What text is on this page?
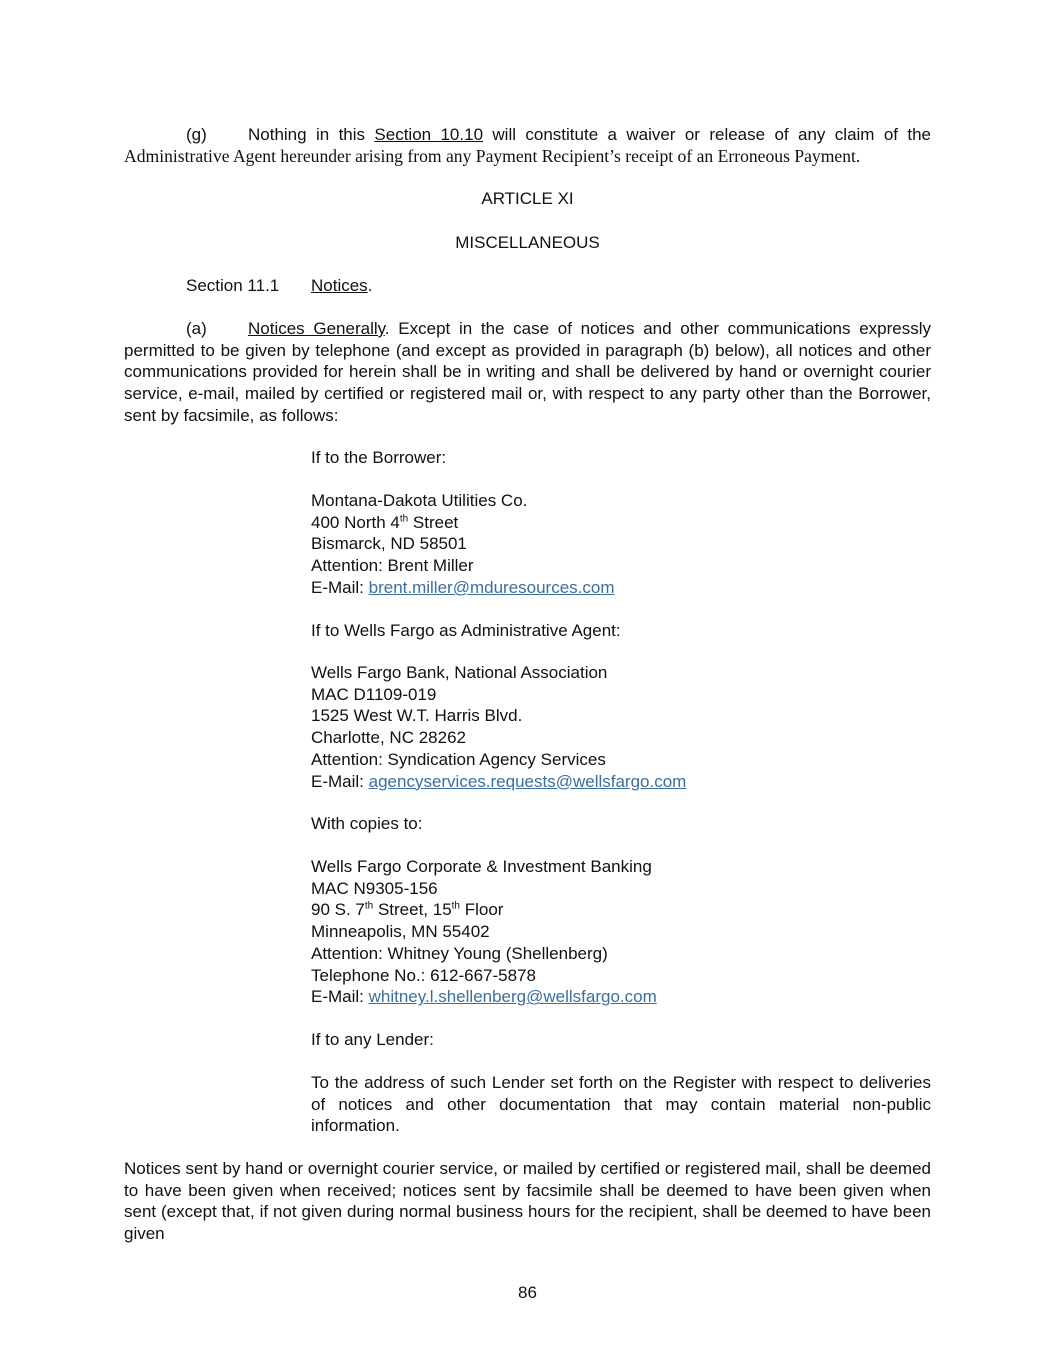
(g) Nothing in this Section 10.10 will constitute a waiver or release of any claim of the
Administrative Agent hereunder arising from any Payment Recipient’s receipt of an Erroneous Payment.
ARTICLE XI
MISCELLANEOUS
Section 11.1 Notices.
(a) Notices Generally. Except in the case of notices and other communications expressly permitted to be given by telephone (and except as provided in paragraph (b) below), all notices and other communications provided for herein shall be in writing and shall be delivered by hand or overnight courier service, e-mail, mailed by certified or registered mail or, with respect to any party other than the Borrower, sent by facsimile, as follows:
If to the Borrower:
Montana-Dakota Utilities Co.
400 North 4th Street
Bismarck, ND 58501
Attention: Brent Miller
E-Mail: brent.miller@mduresources.com
If to Wells Fargo as Administrative Agent:
Wells Fargo Bank, National Association
MAC D1109-019
1525 West W.T. Harris Blvd.
Charlotte, NC 28262
Attention: Syndication Agency Services
E-Mail: agencyservices.requests@wellsfargo.com
With copies to:
Wells Fargo Corporate & Investment Banking
MAC N9305-156
90 S. 7th Street, 15th Floor
Minneapolis, MN 55402
Attention: Whitney Young (Shellenberg)
Telephone No.: 612-667-5878
E-Mail: whitney.l.shellenberg@wellsfargo.com
If to any Lender:
To the address of such Lender set forth on the Register with respect to deliveries of notices and other documentation that may contain material non-public information.
Notices sent by hand or overnight courier service, or mailed by certified or registered mail, shall be deemed to have been given when received; notices sent by facsimile shall be deemed to have been given when sent (except that, if not given during normal business hours for the recipient, shall be deemed to have been given
86
